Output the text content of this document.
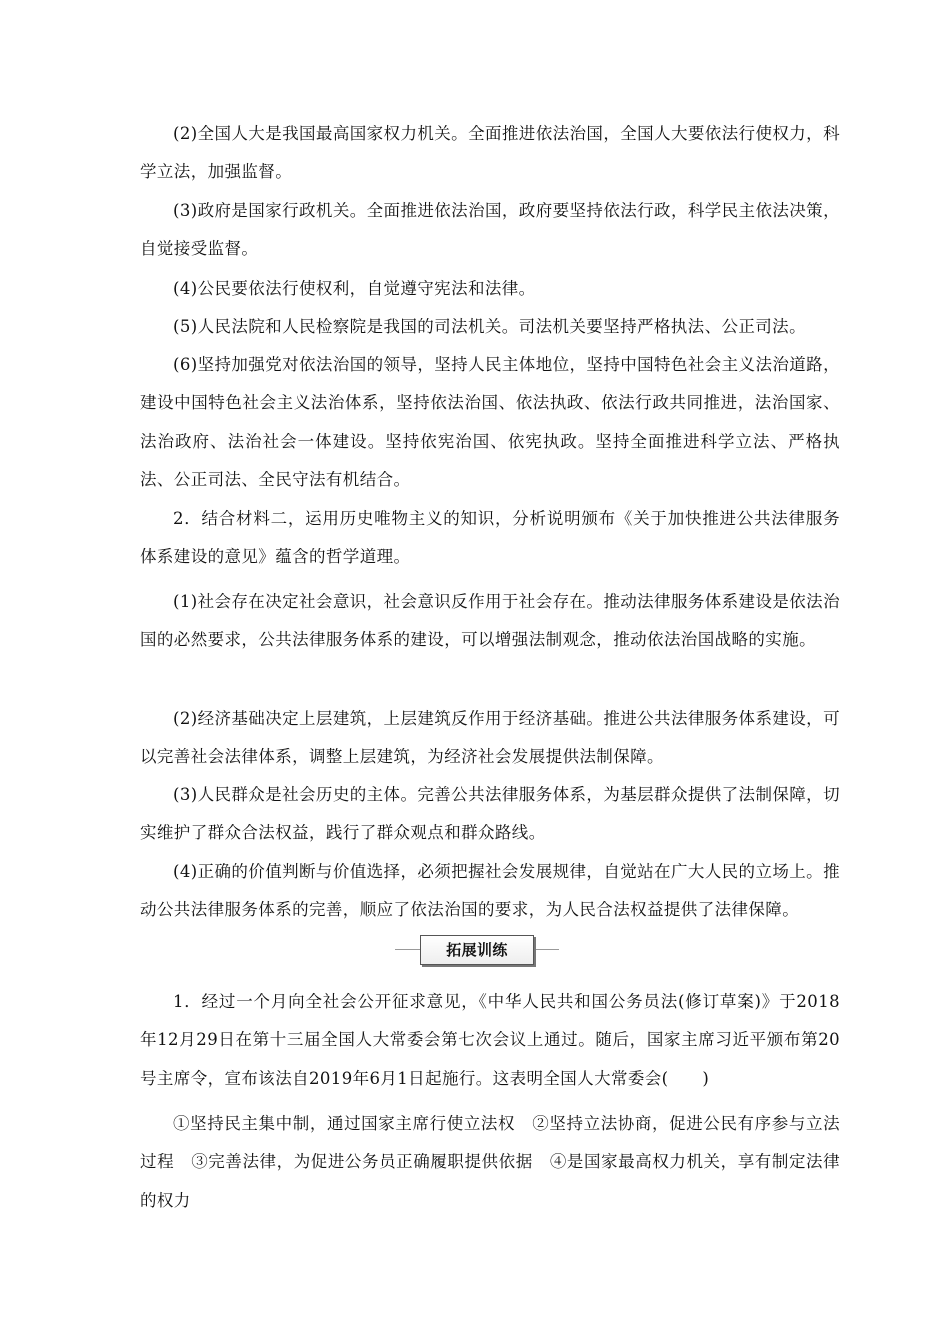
(2)全国人大是我国最高国家权力机关。全面推进依法治国，全国人大要依法行使权力，科学立法，加强监督。
(3)政府是国家行政机关。全面推进依法治国，政府要坚持依法行政，科学民主依法决策，自觉接受监督。
(4)公民要依法行使权利，自觉遵守宪法和法律。
(5)人民法院和人民检察院是我国的司法机关。司法机关要坚持严格执法、公正司法。
(6)坚持加强党对依法治国的领导，坚持人民主体地位，坚持中国特色社会主义法治道路，建设中国特色社会主义法治体系，坚持依法治国、依法执政、依法行政共同推进，法治国家、法治政府、法治社会一体建设。坚持依宪治国、依宪执政。坚持全面推进科学立法、严格执法、公正司法、全民守法有机结合。
2．结合材料二，运用历史唯物主义的知识，分析说明颁布《关于加快推进公共法律服务体系建设的意见》蕴含的哲学道理。
(1)社会存在决定社会意识，社会意识反作用于社会存在。推动法律服务体系建设是依法治国的必然要求，公共法律服务体系的建设，可以增强法制观念，推动依法治国战略的实施。
(2)经济基础决定上层建筑，上层建筑反作用于经济基础。推进公共法律服务体系建设，可以完善社会法律体系，调整上层建筑，为经济社会发展提供法制保障。
(3)人民群众是社会历史的主体。完善公共法律服务体系，为基层群众提供了法制保障，切实维护了群众合法权益，践行了群众观点和群众路线。
(4)正确的价值判断与价值选择，必须把握社会发展规律，自觉站在广大人民的立场上。推动公共法律服务体系的完善，顺应了依法治国的要求，为人民合法权益提供了法律保障。
拓展训练
1．经过一个月向全社会公开征求意见，《中华人民共和国公务员法(修订草案)》于2018年12月29日在第十三届全国人大常委会第七次会议上通过。随后，国家主席习近平颁布第20号主席令，宣布该法自2019年6月1日起施行。这表明全国人大常委会(　　)
①坚持民主集中制，通过国家主席行使立法权　②坚持立法协商，促进公民有序参与立法过程　③完善法律，为促进公务员正确履职提供依据　④是国家最高权力机关，享有制定法律的权力
